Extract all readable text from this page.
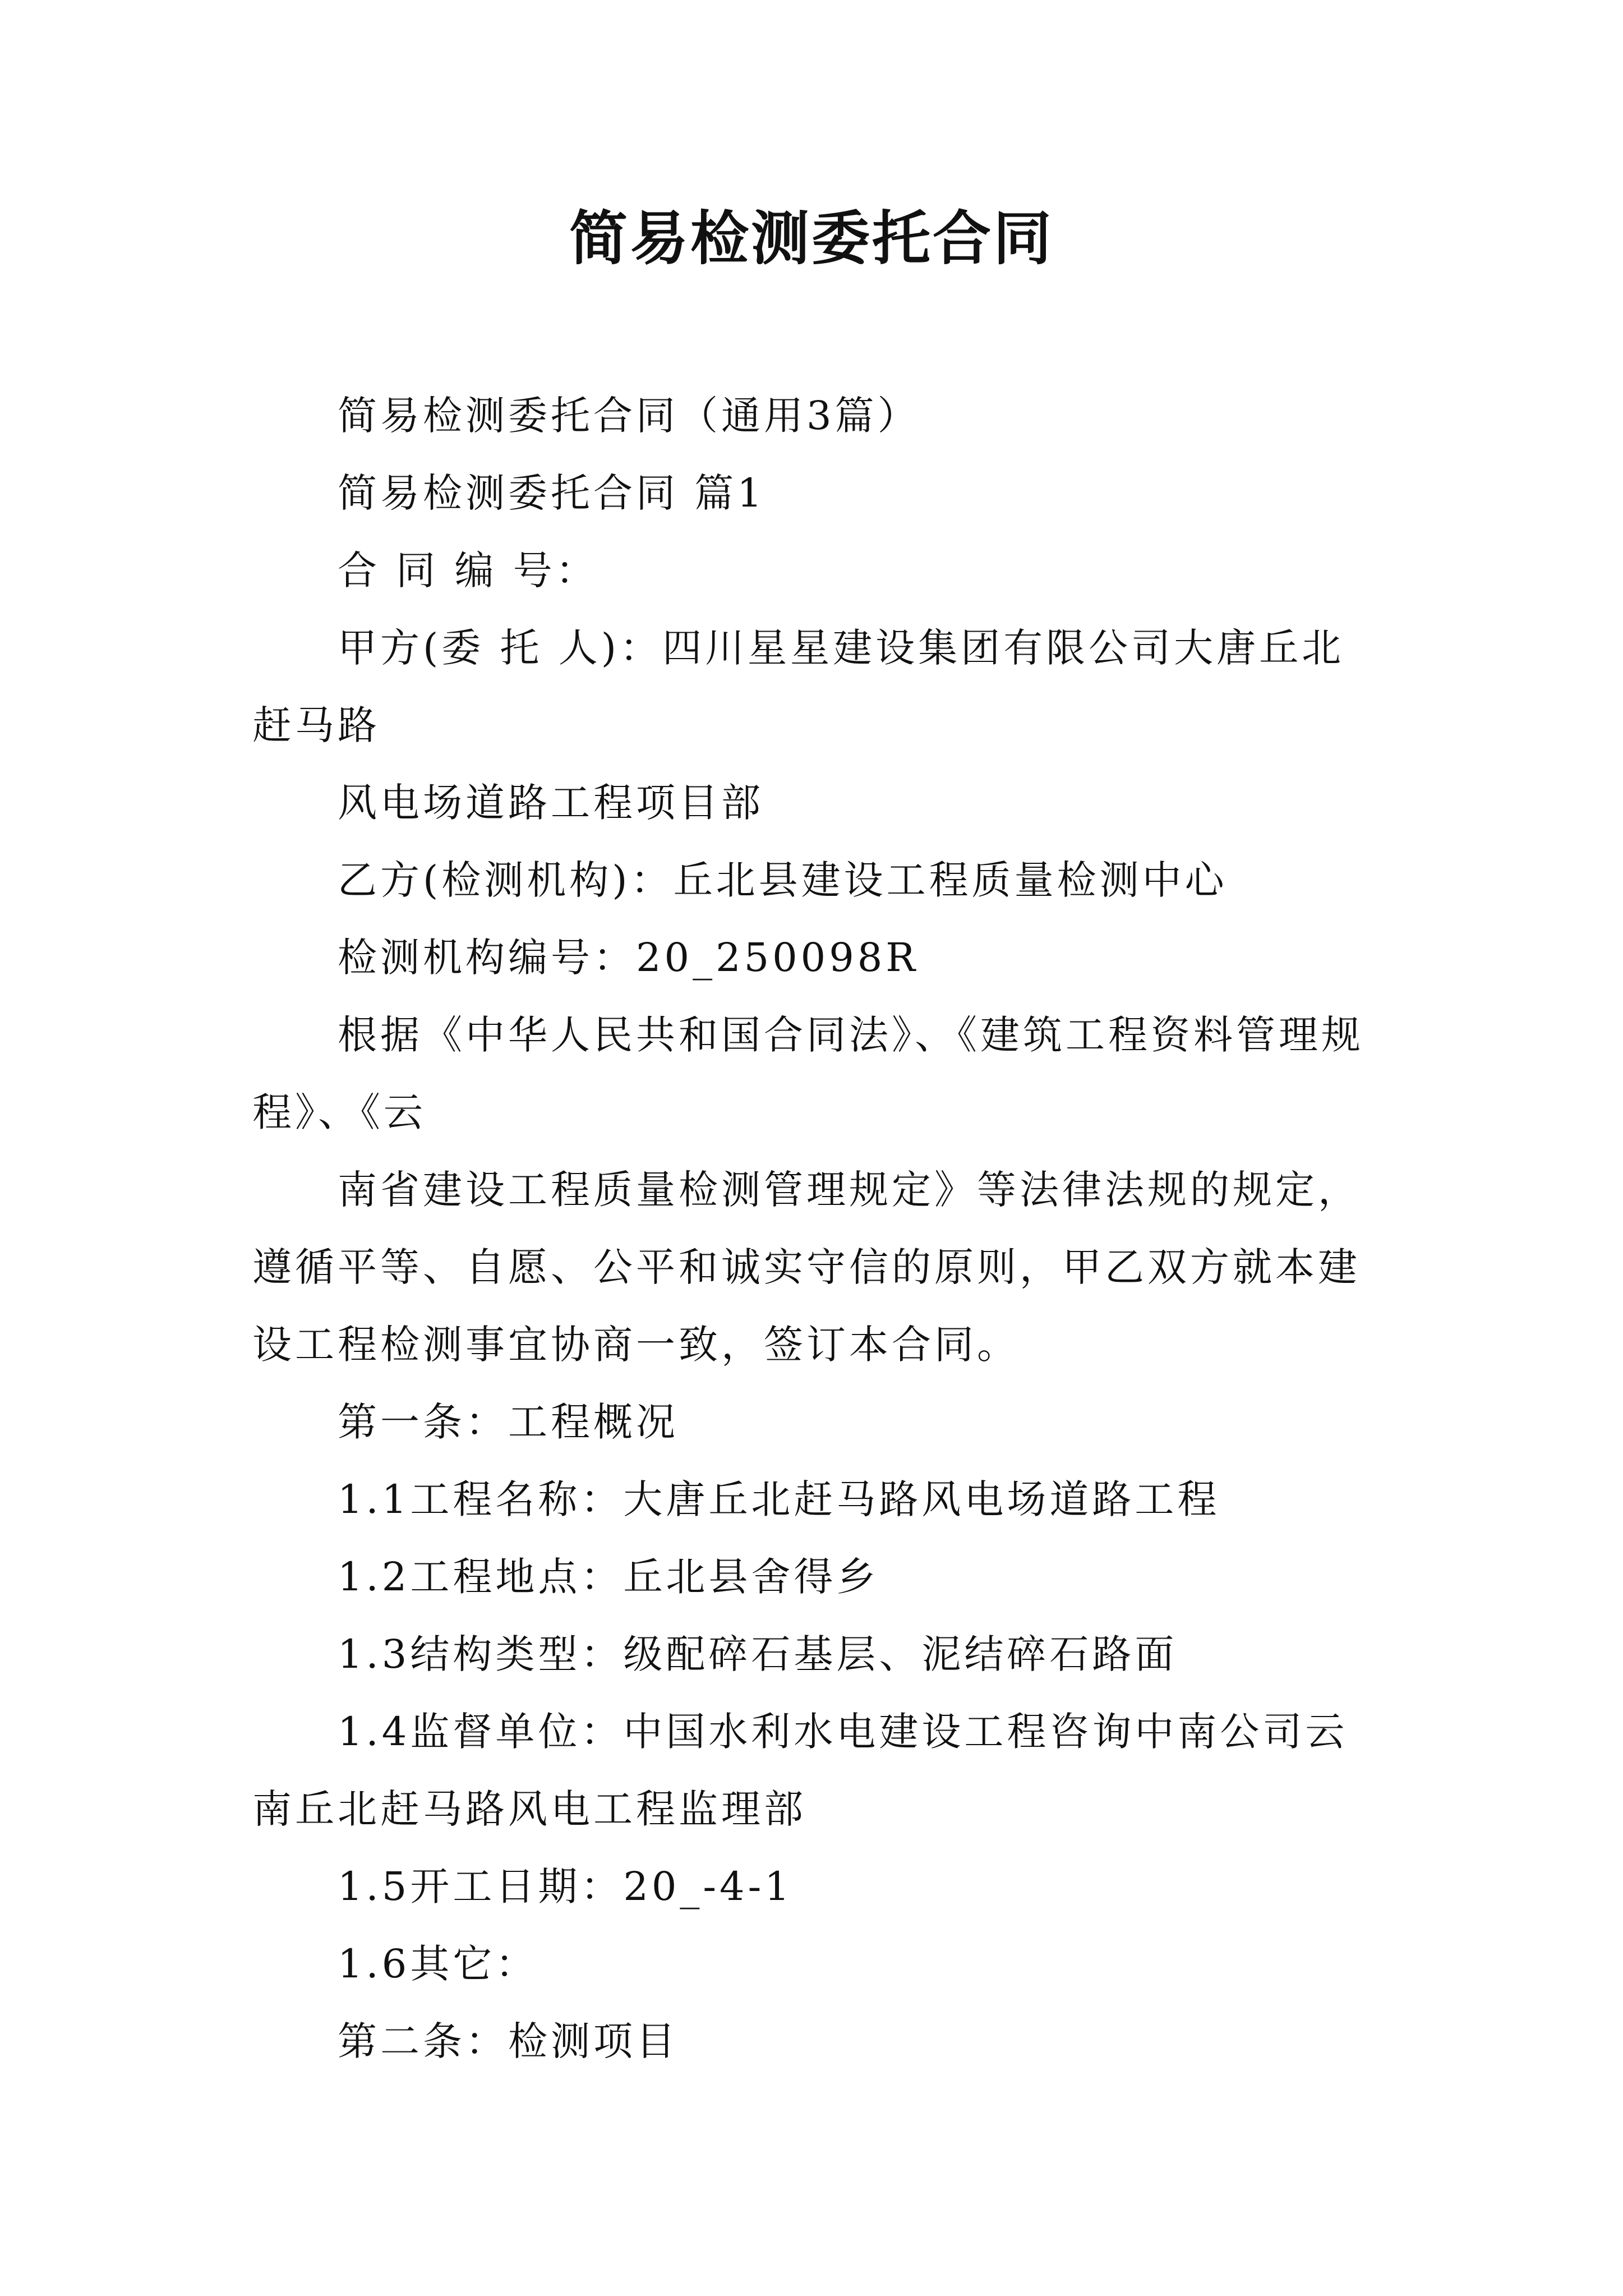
简易检测委托合同

简易检测委托合同（通用3篇）

简易检测委托合同 篇1

合 同 编 号：

甲方(委 托 人)：四川星星建设集团有限公司大唐丘北赶马路

风电场道路工程项目部

乙方(检测机构)：丘北县建设工程质量检测中心

检测机构编号：20_250098R

根据《中华人民共和国合同法》、《建筑工程资料管理规程》、《云

南省建设工程质量检测管理规定》等法律法规的规定，遵循平等、自愿、公平和诚实守信的原则，甲乙双方就本建设工程检测事宜协商一致，签订本合同。

第一条：工程概况

1.1工程名称：大唐丘北赶马路风电场道路工程

1.2工程地点：丘北县舍得乡

1.3结构类型：级配碎石基层、泥结碎石路面

1.4监督单位：中国水利水电建设工程咨询中南公司云南丘北赶马路风电工程监理部

1.5开工日期：20_-4-1

1.6其它：

第二条：检测项目
